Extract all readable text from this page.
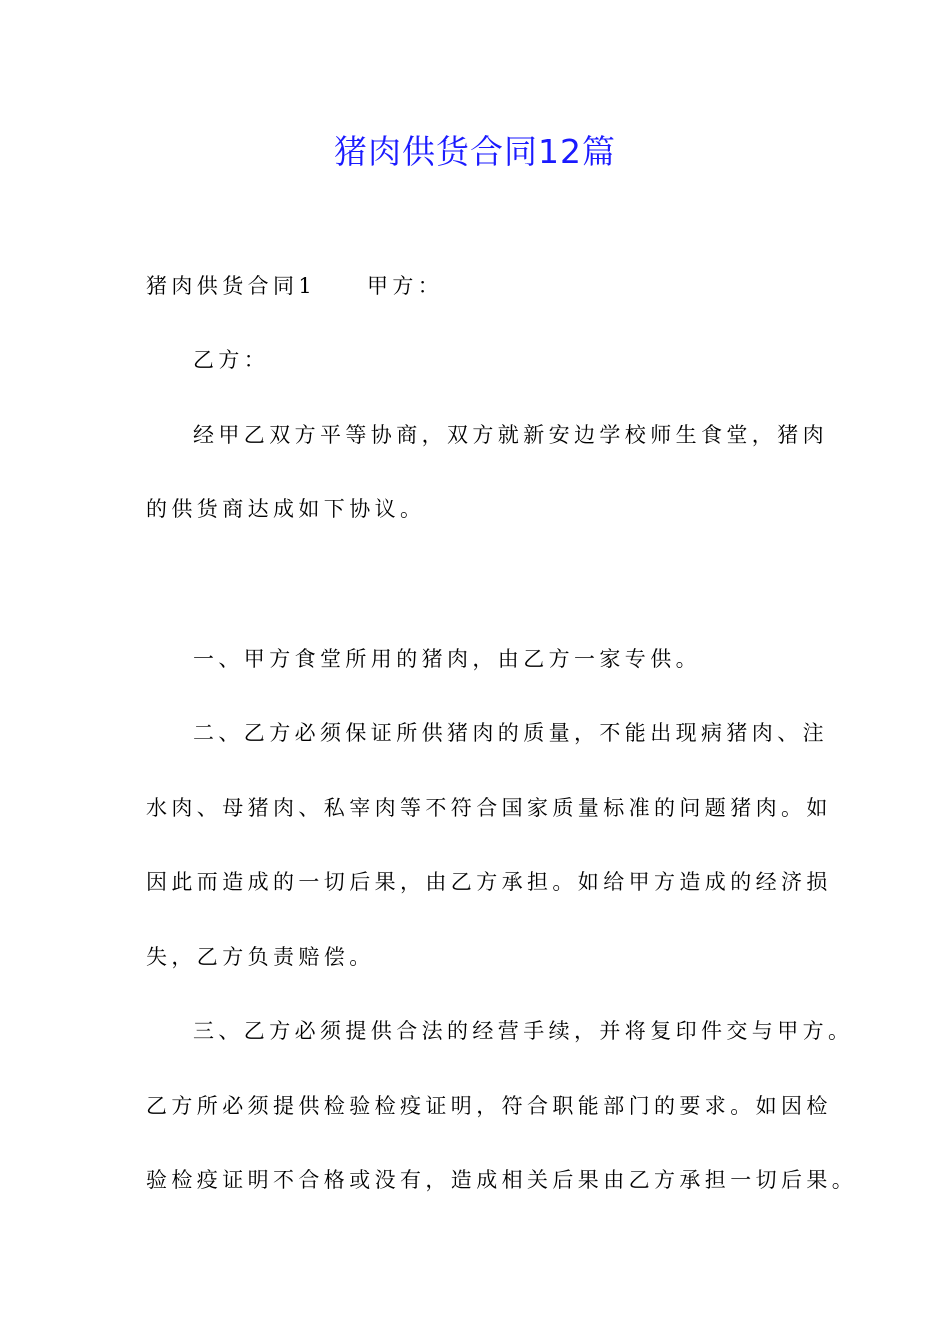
猪肉供货合同12篇
猪肉供货合同1　　甲方：
乙方：
经甲乙双方平等协商，双方就新安边学校师生食堂，猪肉
的供货商达成如下协议。
一、甲方食堂所用的猪肉，由乙方一家专供。
二、乙方必须保证所供猪肉的质量，不能出现病猪肉、注
水肉、母猪肉、私宰肉等不符合国家质量标准的问题猪肉。如
因此而造成的一切后果，由乙方承担。如给甲方造成的经济损
失，乙方负责赔偿。
三、乙方必须提供合法的经营手续，并将复印件交与甲方。
乙方所必须提供检验检疫证明，符合职能部门的要求。如因检
验检疫证明不合格或没有，造成相关后果由乙方承担一切后果。
